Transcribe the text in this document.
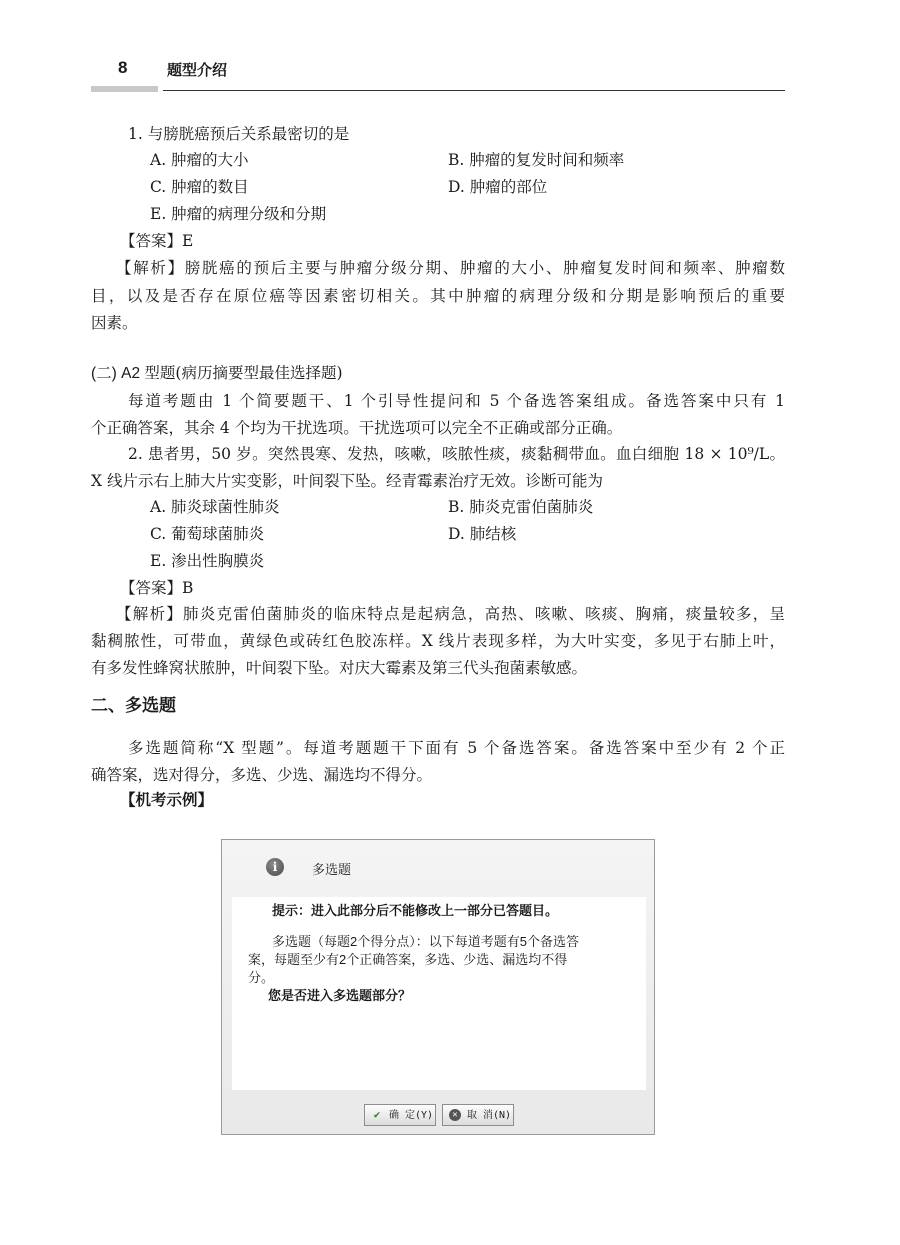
8	题型介绍
1. 与膀胱癌预后关系最密切的是
A. 肿瘤的大小	B. 肿瘤的复发时间和频率
C. 肿瘤的数目	D. 肿瘤的部位
E. 肿瘤的病理分级和分期
【答案】E
【解析】膀胱癌的预后主要与肿瘤分级分期、肿瘤的大小、肿瘤复发时间和频率、肿瘤数
目，以及是否存在原位癌等因素密切相关。其中肿瘤的病理分级和分期是影响预后的重要
因素。
(二) A2 型题(病历摘要型最佳选择题)
每道考题由 1 个简要题干、1 个引导性提问和 5 个备选答案组成。备选答案中只有 1
个正确答案，其余 4 个均为干扰选项。干扰选项可以完全不正确或部分正确。
2. 患者男，50 岁。突然畏寒、发热，咳嗽，咳脓性痰，痰黏稠带血。血白细胞 18 × 10⁹/L。
X 线片示右上肺大片实变影，叶间裂下坠。经青霉素治疗无效。诊断可能为
A. 肺炎球菌性肺炎	B. 肺炎克雷伯菌肺炎
C. 葡萄球菌肺炎	D. 肺结核
E. 渗出性胸膜炎
【答案】B
【解析】肺炎克雷伯菌肺炎的临床特点是起病急，高热、咳嗽、咳痰、胸痛，痰量较多，呈
黏稠脓性，可带血，黄绿色或砖红色胶冻样。X 线片表现多样，为大叶实变，多见于右肺上叶，
有多发性蜂窝状脓肿，叶间裂下坠。对庆大霉素及第三代头孢菌素敏感。
二、多选题
多选题简称“X 型题”。每道考题题干下面有 5 个备选答案。备选答案中至少有 2 个正
确答案，选对得分，多选、少选、漏选均不得分。
【机考示例】
i	多选题
提示：进入此部分后不能修改上一部分已答题目。
多选题（每题2个得分点）：以下每道考题有5个备选答
案，每题至少有2个正确答案，多选、少选、漏选均不得
分。
您是否进入多选题部分？
✔ 确 定(Y)	✕ 取 消(N)
